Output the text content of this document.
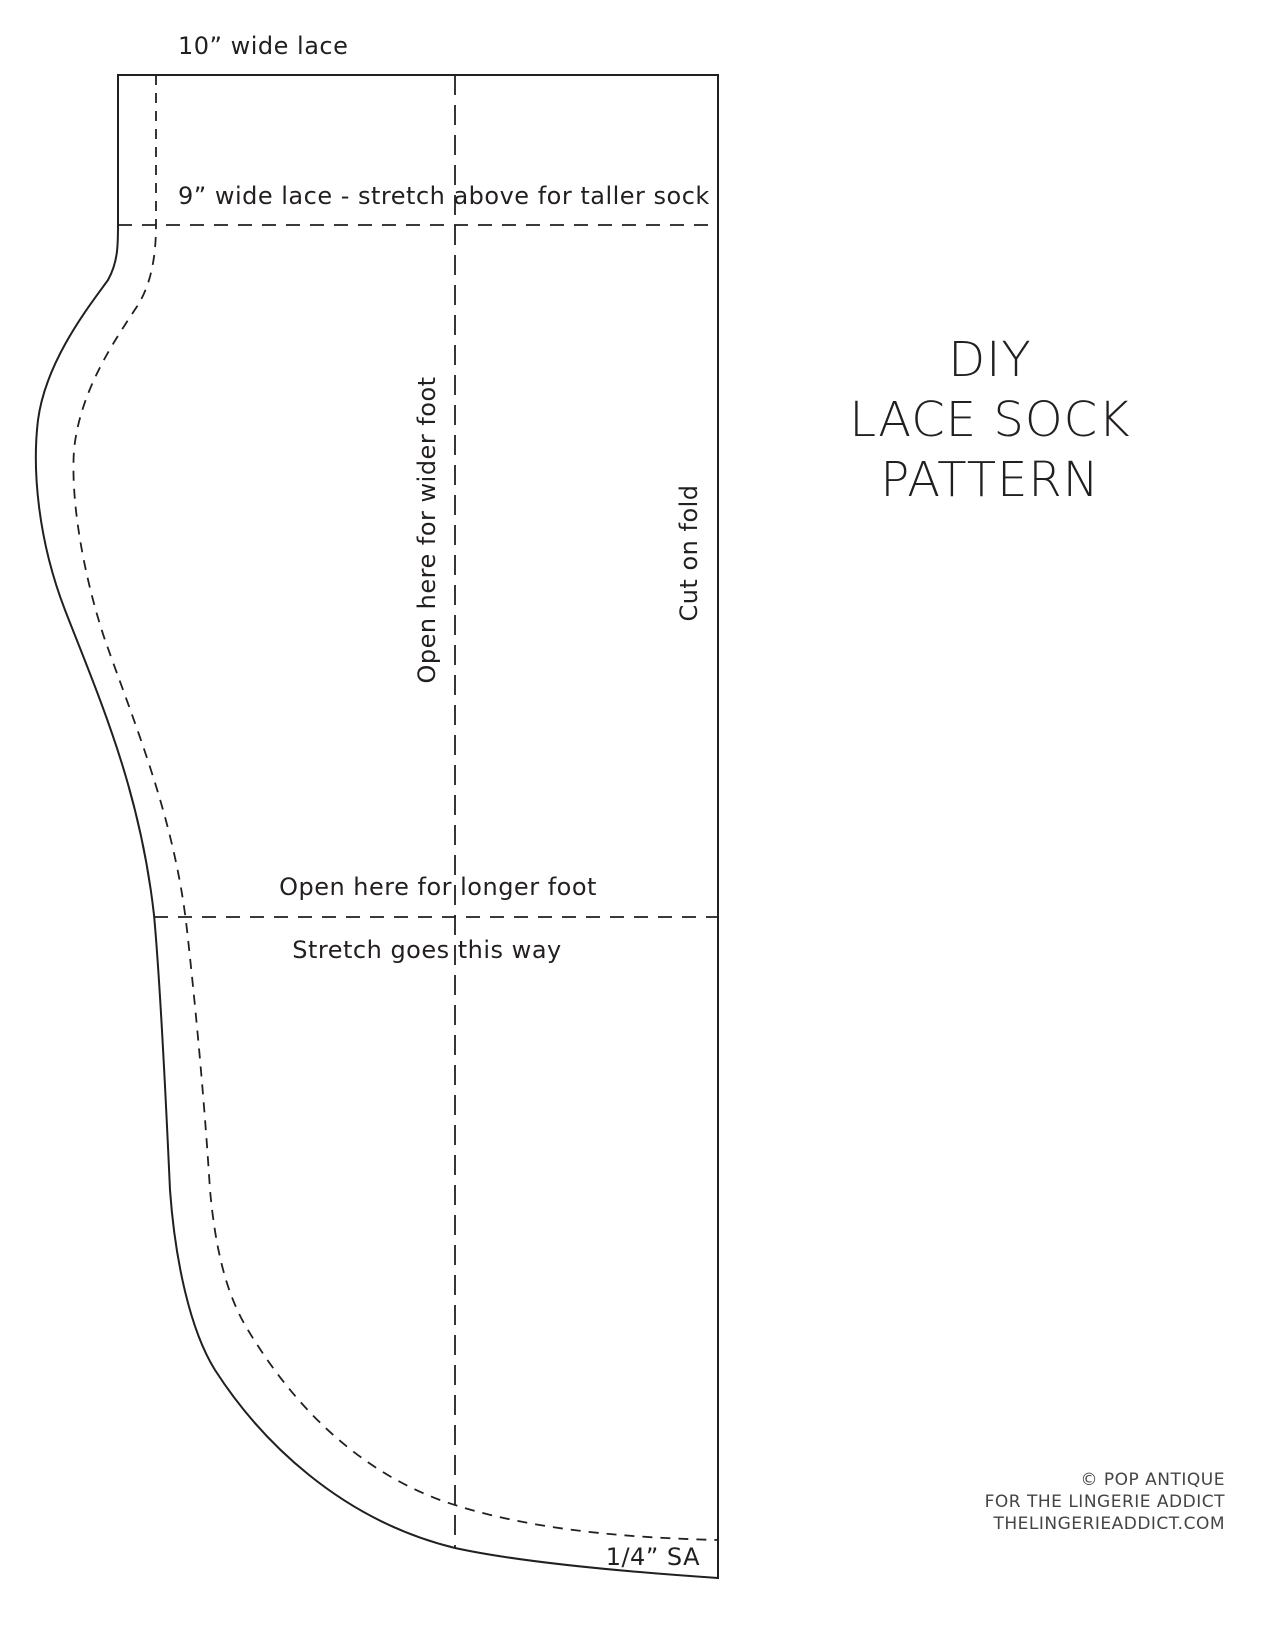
10” wide lace
9” wide lace - stretch above for taller sock
Open here for wider foot	Cut on fold
Open here for longer foot
Stretch goes this way
1/4” SA
DIY
LACE SOCK
PATTERN
© POP ANTIQUE
FOR THE LINGERIE ADDICT
THELINGERIEADDICT.COM
